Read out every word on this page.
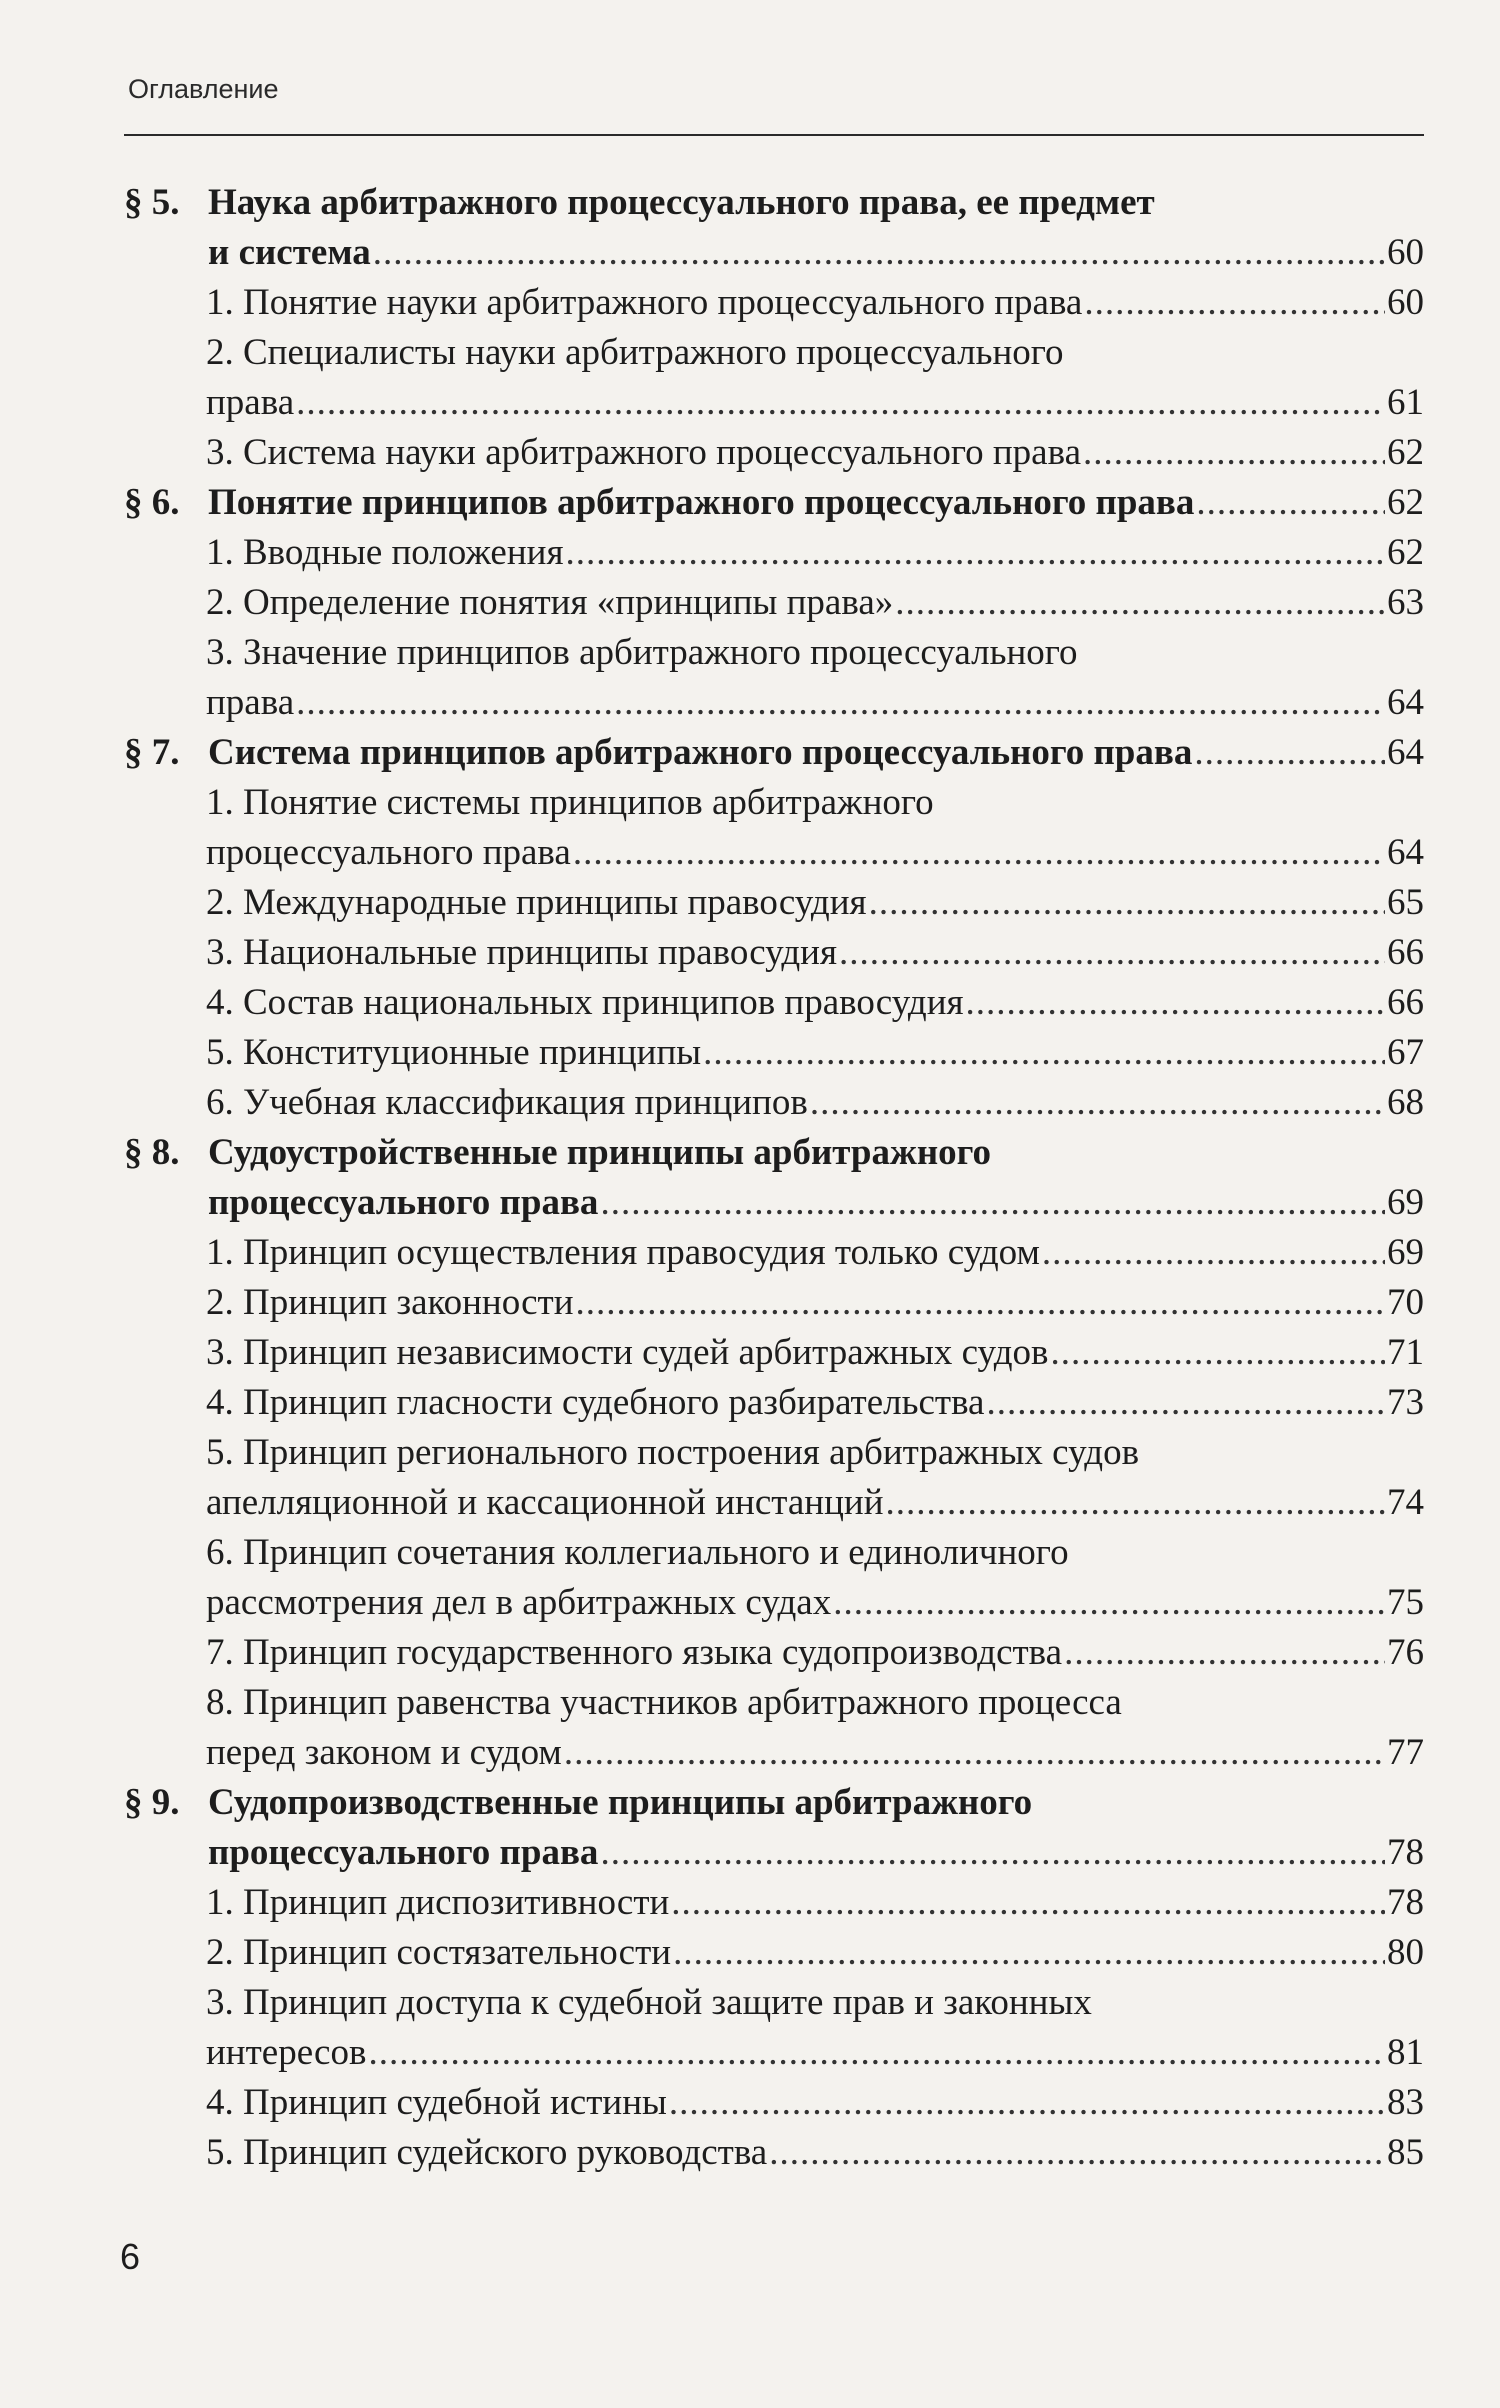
Оглавление
§ 5. Наука арбитражного процессуального права, ее предмет
и система .....	60
1. Понятие науки арбитражного процессуального права .....	60
2. Специалисты науки арбитражного процессуального
права .....	61
3. Система науки арбитражного процессуального права .....	62
§ 6. Понятие принципов арбитражного процессуального права .....	62
1. Вводные положения .....	62
2. Определение понятия «принципы права» .....	63
3. Значение принципов арбитражного процессуального
права .....	64
§ 7. Система принципов арбитражного процессуального права .....	64
1. Понятие системы принципов арбитражного
процессуального права .....	64
2. Международные принципы правосудия .....	65
3. Национальные принципы правосудия .....	66
4. Состав национальных принципов правосудия .....	66
5. Конституционные принципы .....	67
6. Учебная классификация принципов .....	68
§ 8. Судоустройственные принципы арбитражного
процессуального права .....	69
1. Принцип осуществления правосудия только судом .....	69
2. Принцип законности .....	70
3. Принцип независимости судей арбитражных судов .....	71
4. Принцип гласности судебного разбирательства .....	73
5. Принцип регионального построения арбитражных судов
апелляционной и кассационной инстанций .....	74
6. Принцип сочетания коллегиального и единоличного
рассмотрения дел в арбитражных судах .....	75
7. Принцип государственного языка судопроизводства .....	76
8. Принцип равенства участников арбитражного процесса
перед законом и судом .....	77
§ 9. Судопроизводственные принципы арбитражного
процессуального права .....	78
1. Принцип диспозитивности .....	78
2. Принцип состязательности .....	80
3. Принцип доступа к судебной защите прав и законных
интересов .....	81
4. Принцип судебной истины .....	83
5. Принцип судейского руководства .....	85
6
